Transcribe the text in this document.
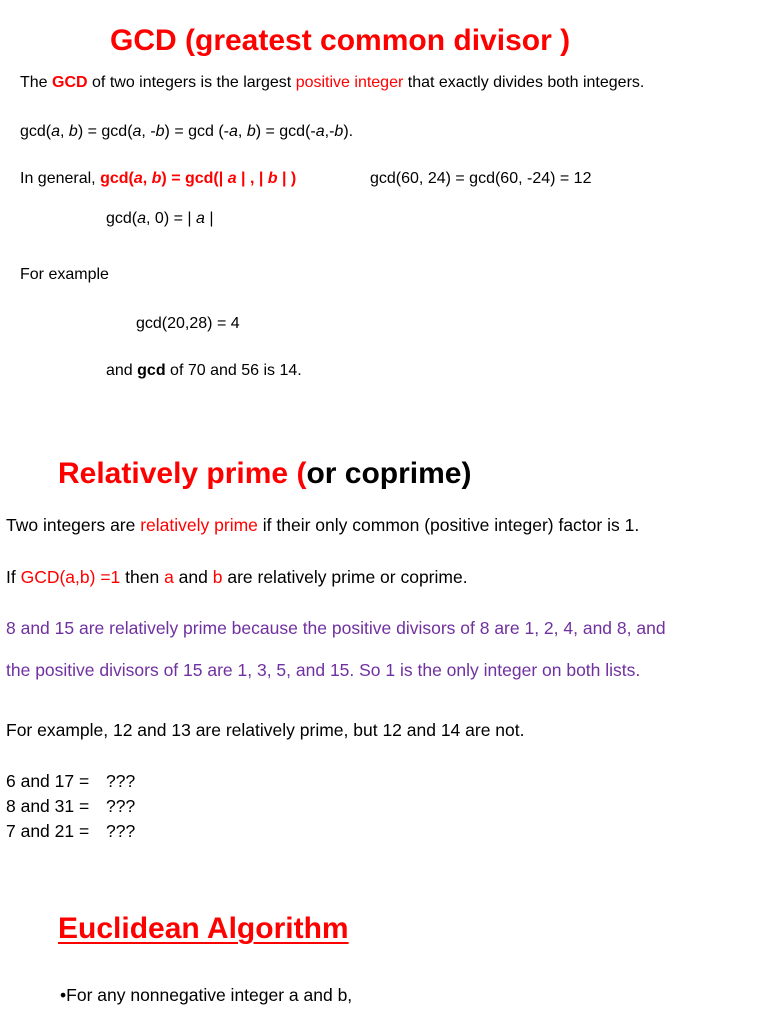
GCD (greatest common divisor )
The GCD of two integers is the largest positive integer that exactly divides both integers.
gcd(a, b) = gcd(a, -b) = gcd (-a, b) = gcd(-a,-b).
In general, gcd(a, b) = gcd(| a | , | b | )	gcd(60, 24) = gcd(60, -24) = 12
gcd(a, 0) = | a |
For example
gcd(20,28) = 4
and gcd of 70 and 56 is 14.
Relatively prime (or coprime)
Two integers are relatively prime if their only common (positive integer) factor is 1.
If GCD(a,b) =1 then a and b are relatively prime or coprime.
8 and 15 are relatively prime because the positive divisors of 8 are 1, 2, 4, and 8, and
the positive divisors of 15 are 1, 3, 5, and 15. So 1 is the only integer on both lists.
For example, 12 and 13 are relatively prime, but 12 and 14 are not.
6 and 17 = ???
8 and 31 = ???
7 and 21 = ???
Euclidean Algorithm
•For any nonnegative integer a and b,
